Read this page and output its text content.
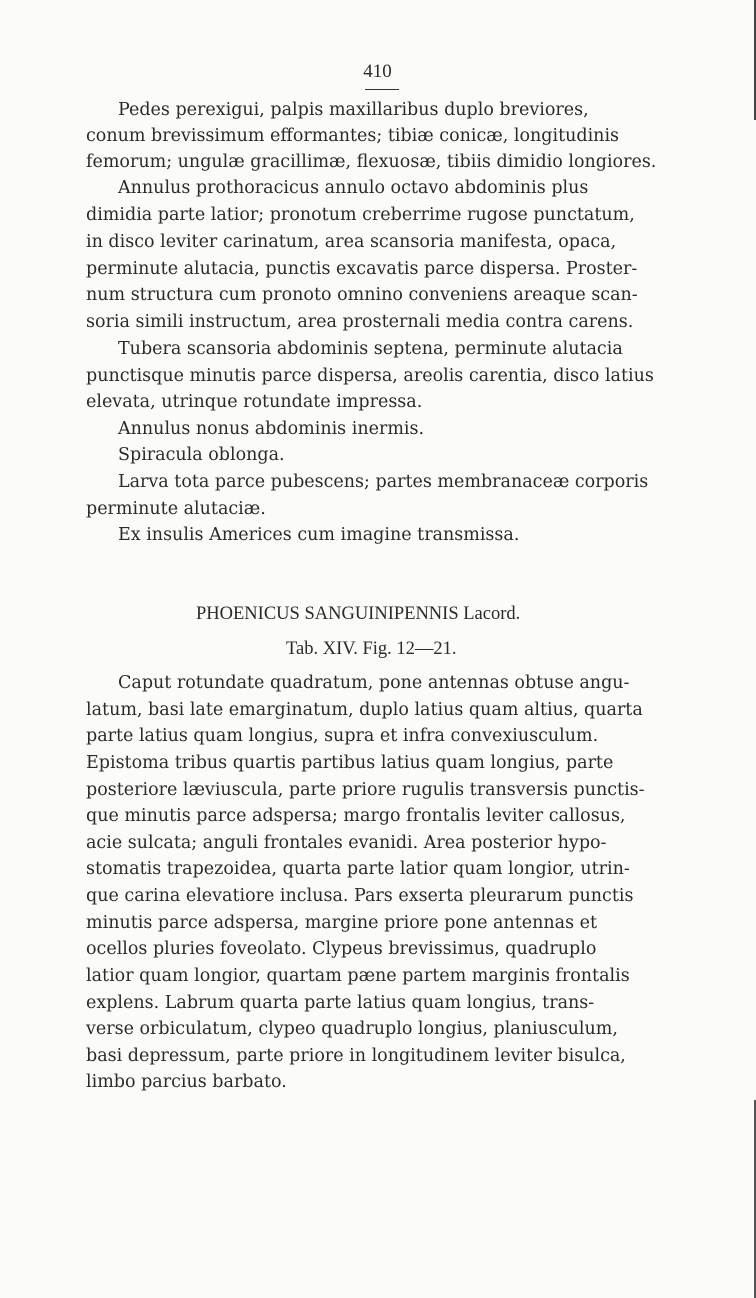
410
Pedes perexigui, palpis maxillaribus duplo breviores,
conum brevissimum efformantes; tibiæ conicæ, longitudinis
femorum; ungulæ gracillimæ, flexuosæ, tibiis dimidio longiores.
Annulus prothoracicus annulo octavo abdominis plus
dimidia parte latior; pronotum creberrime rugose punctatum,
in disco leviter carinatum, area scansoria manifesta, opaca,
perminute alutacia, punctis excavatis parce dispersa. Proster-
num structura cum pronoto omnino conveniens areaque scan-
soria simili instructum, area prosternali media contra carens.
Tubera scansoria abdominis septena, perminute alutacia
punctisque minutis parce dispersa, areolis carentia, disco latius
elevata, utrinque rotundate impressa.
Annulus nonus abdominis inermis.
Spiracula oblonga.
Larva tota parce pubescens; partes membranaceæ corporis
perminute alutaciæ.
Ex insulis Americes cum imagine transmissa.
PHOENICUS SANGUINIPENNIS Lacord.
Tab. XIV. Fig. 12—21.
Caput rotundate quadratum, pone antennas obtuse angu-
latum, basi late emarginatum, duplo latius quam altius, quarta
parte latius quam longius, supra et infra convexiusculum.
Epistoma tribus quartis partibus latius quam longius, parte
posteriore læviuscula, parte priore rugulis transversis punctis-
que minutis parce adspersa; margo frontalis leviter callosus,
acie sulcata; anguli frontales evanidi. Area posterior hypo-
stomatis trapezoidea, quarta parte latior quam longior, utrin-
que carina elevatiore inclusa. Pars exserta pleurarum punctis
minutis parce adspersa, margine priore pone antennas et
ocellos pluries foveolato. Clypeus brevissimus, quadruplo
latior quam longior, quartam pæne partem marginis frontalis
explens. Labrum quarta parte latius quam longius, trans-
verse orbiculatum, clypeo quadruplo longius, planiusculum,
basi depressum, parte priore in longitudinem leviter bisulca,
limbo parcius barbato.
